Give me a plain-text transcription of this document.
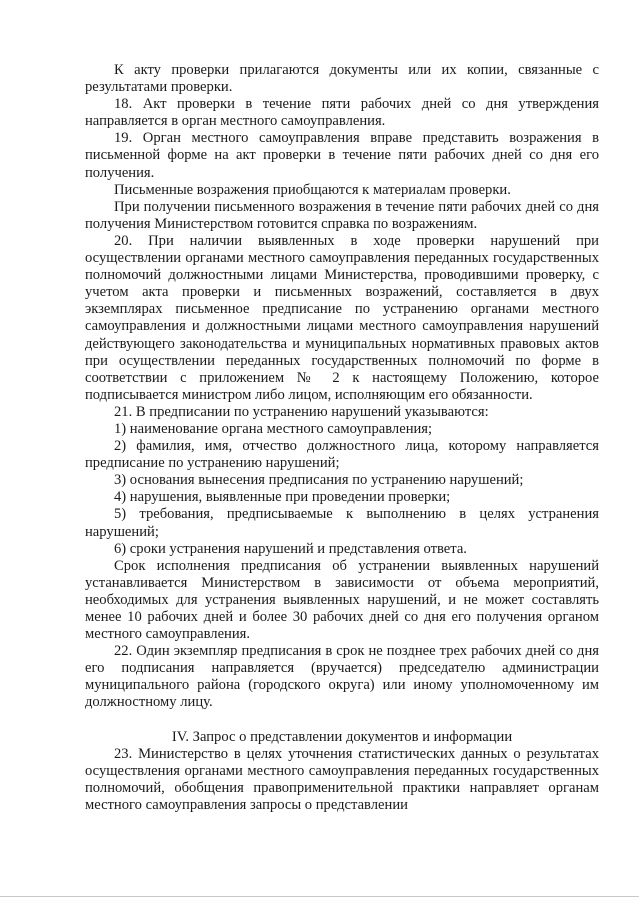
К акту проверки прилагаются документы или их копии, связанные с результатами проверки.

18. Акт проверки в течение пяти рабочих дней со дня утверждения направляется в орган местного самоуправления.

19. Орган местного самоуправления вправе представить возражения в письменной форме на акт проверки в течение пяти рабочих дней со дня его получения.

Письменные возражения приобщаются к материалам проверки.

При получении письменного возражения в течение пяти рабочих дней со дня получения Министерством готовится справка по возражениям.

20. При наличии выявленных в ходе проверки нарушений при осуществлении органами местного самоуправления переданных государственных полномочий должностными лицами Министерства, проводившими проверку, с учетом акта проверки и письменных возражений, составляется в двух экземплярах письменное предписание по устранению органами местного самоуправления и должностными лицами местного самоуправления нарушений действующего законодательства и муниципальных нормативных правовых актов при осуществлении переданных государственных полномочий по форме в соответствии с приложением № 2 к настоящему Положению, которое подписывается министром либо лицом, исполняющим его обязанности.

21. В предписании по устранению нарушений указываются:

1) наименование органа местного самоуправления;

2) фамилия, имя, отчество должностного лица, которому направляется предписание по устранению нарушений;

3) основания вынесения предписания по устранению нарушений;

4) нарушения, выявленные при проведении проверки;

5) требования, предписываемые к выполнению в целях устранения нарушений;

6) сроки устранения нарушений и представления ответа.

Срок исполнения предписания об устранении выявленных нарушений устанавливается Министерством в зависимости от объема мероприятий, необходимых для устранения выявленных нарушений, и не может составлять менее 10 рабочих дней и более 30 рабочих дней со дня его получения органом местного самоуправления.

22. Один экземпляр предписания в срок не позднее трех рабочих дней со дня его подписания направляется (вручается) председателю администрации муниципального района (городского округа) или иному уполномоченному им должностному лицу.

IV. Запрос о представлении документов и информации

23. Министерство в целях уточнения статистических данных о результатах осуществления органами местного самоуправления переданных государственных полномочий, обобщения правоприменительной практики направляет органам местного самоуправления запросы о представлении
